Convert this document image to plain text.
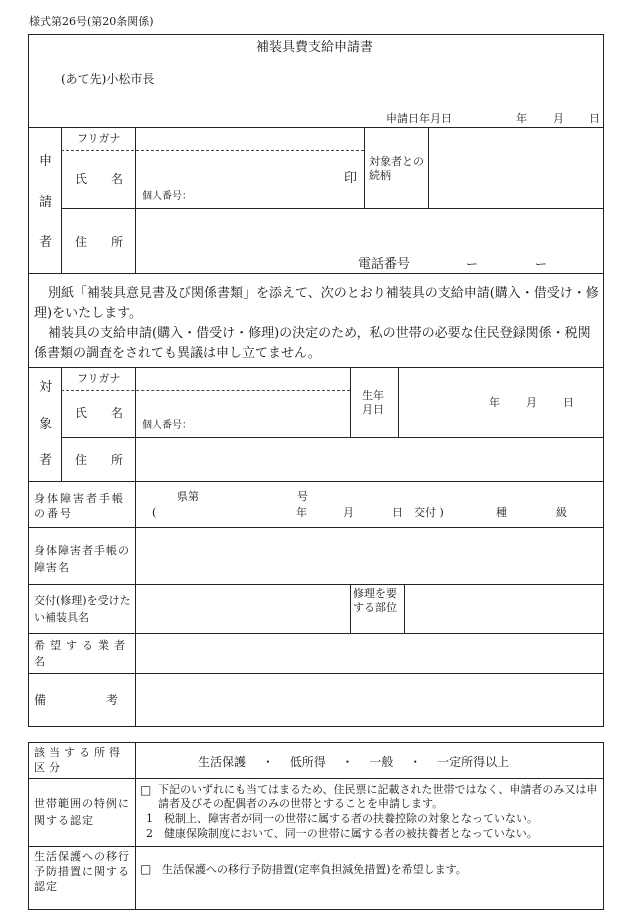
様式第26号(第20条関係)
補装具費支給申請書
(あて先)小松市長
申請日年月日	年 月 日
申
請
者
フリガナ
氏　名	印
個人番号：
対象者との続柄
住　所
電話番号	ー	ー
別紙「補装具意見書及び関係書類」を添えて、次のとおり補装具の支給申請(購入・借受け・修理)をいたします。
補装具の支給申請(購入・借受け・修理)の決定のため，私の世帯の必要な住民登録関係・税関係書類の調査をされても異議は申し立てません。
対
象
者
フリガナ
氏　名
個人番号：
生年月日
年 月 日
住　所
身体障害者手帳の番号
県第	号
(	年	月	日　交付 )	種	級
身体障害者手帳の障害名
交付(修理)を受けたい補装具名
修理を要する部位
希望する業者名
備　考
該当する所得区分	生活保護 ・ 低所得 ・ 一般 ・ 一定所得以上
世帯範囲の特例に関する認定
□ 下記のいずれにも当てはまるため、住民票に記載された世帯ではなく、申請者のみ又は申請者及びその配偶者のみの世帯とすることを申請します。
1　税制上、障害者が同一の世帯に属する者の扶養控除の対象となっていない。
2　健康保険制度において、同一の世帯に属する者の被扶養者となっていない。
生活保護への移行予防措置に関する認定
□ 生活保護への移行予防措置(定率負担減免措置)を希望します。
